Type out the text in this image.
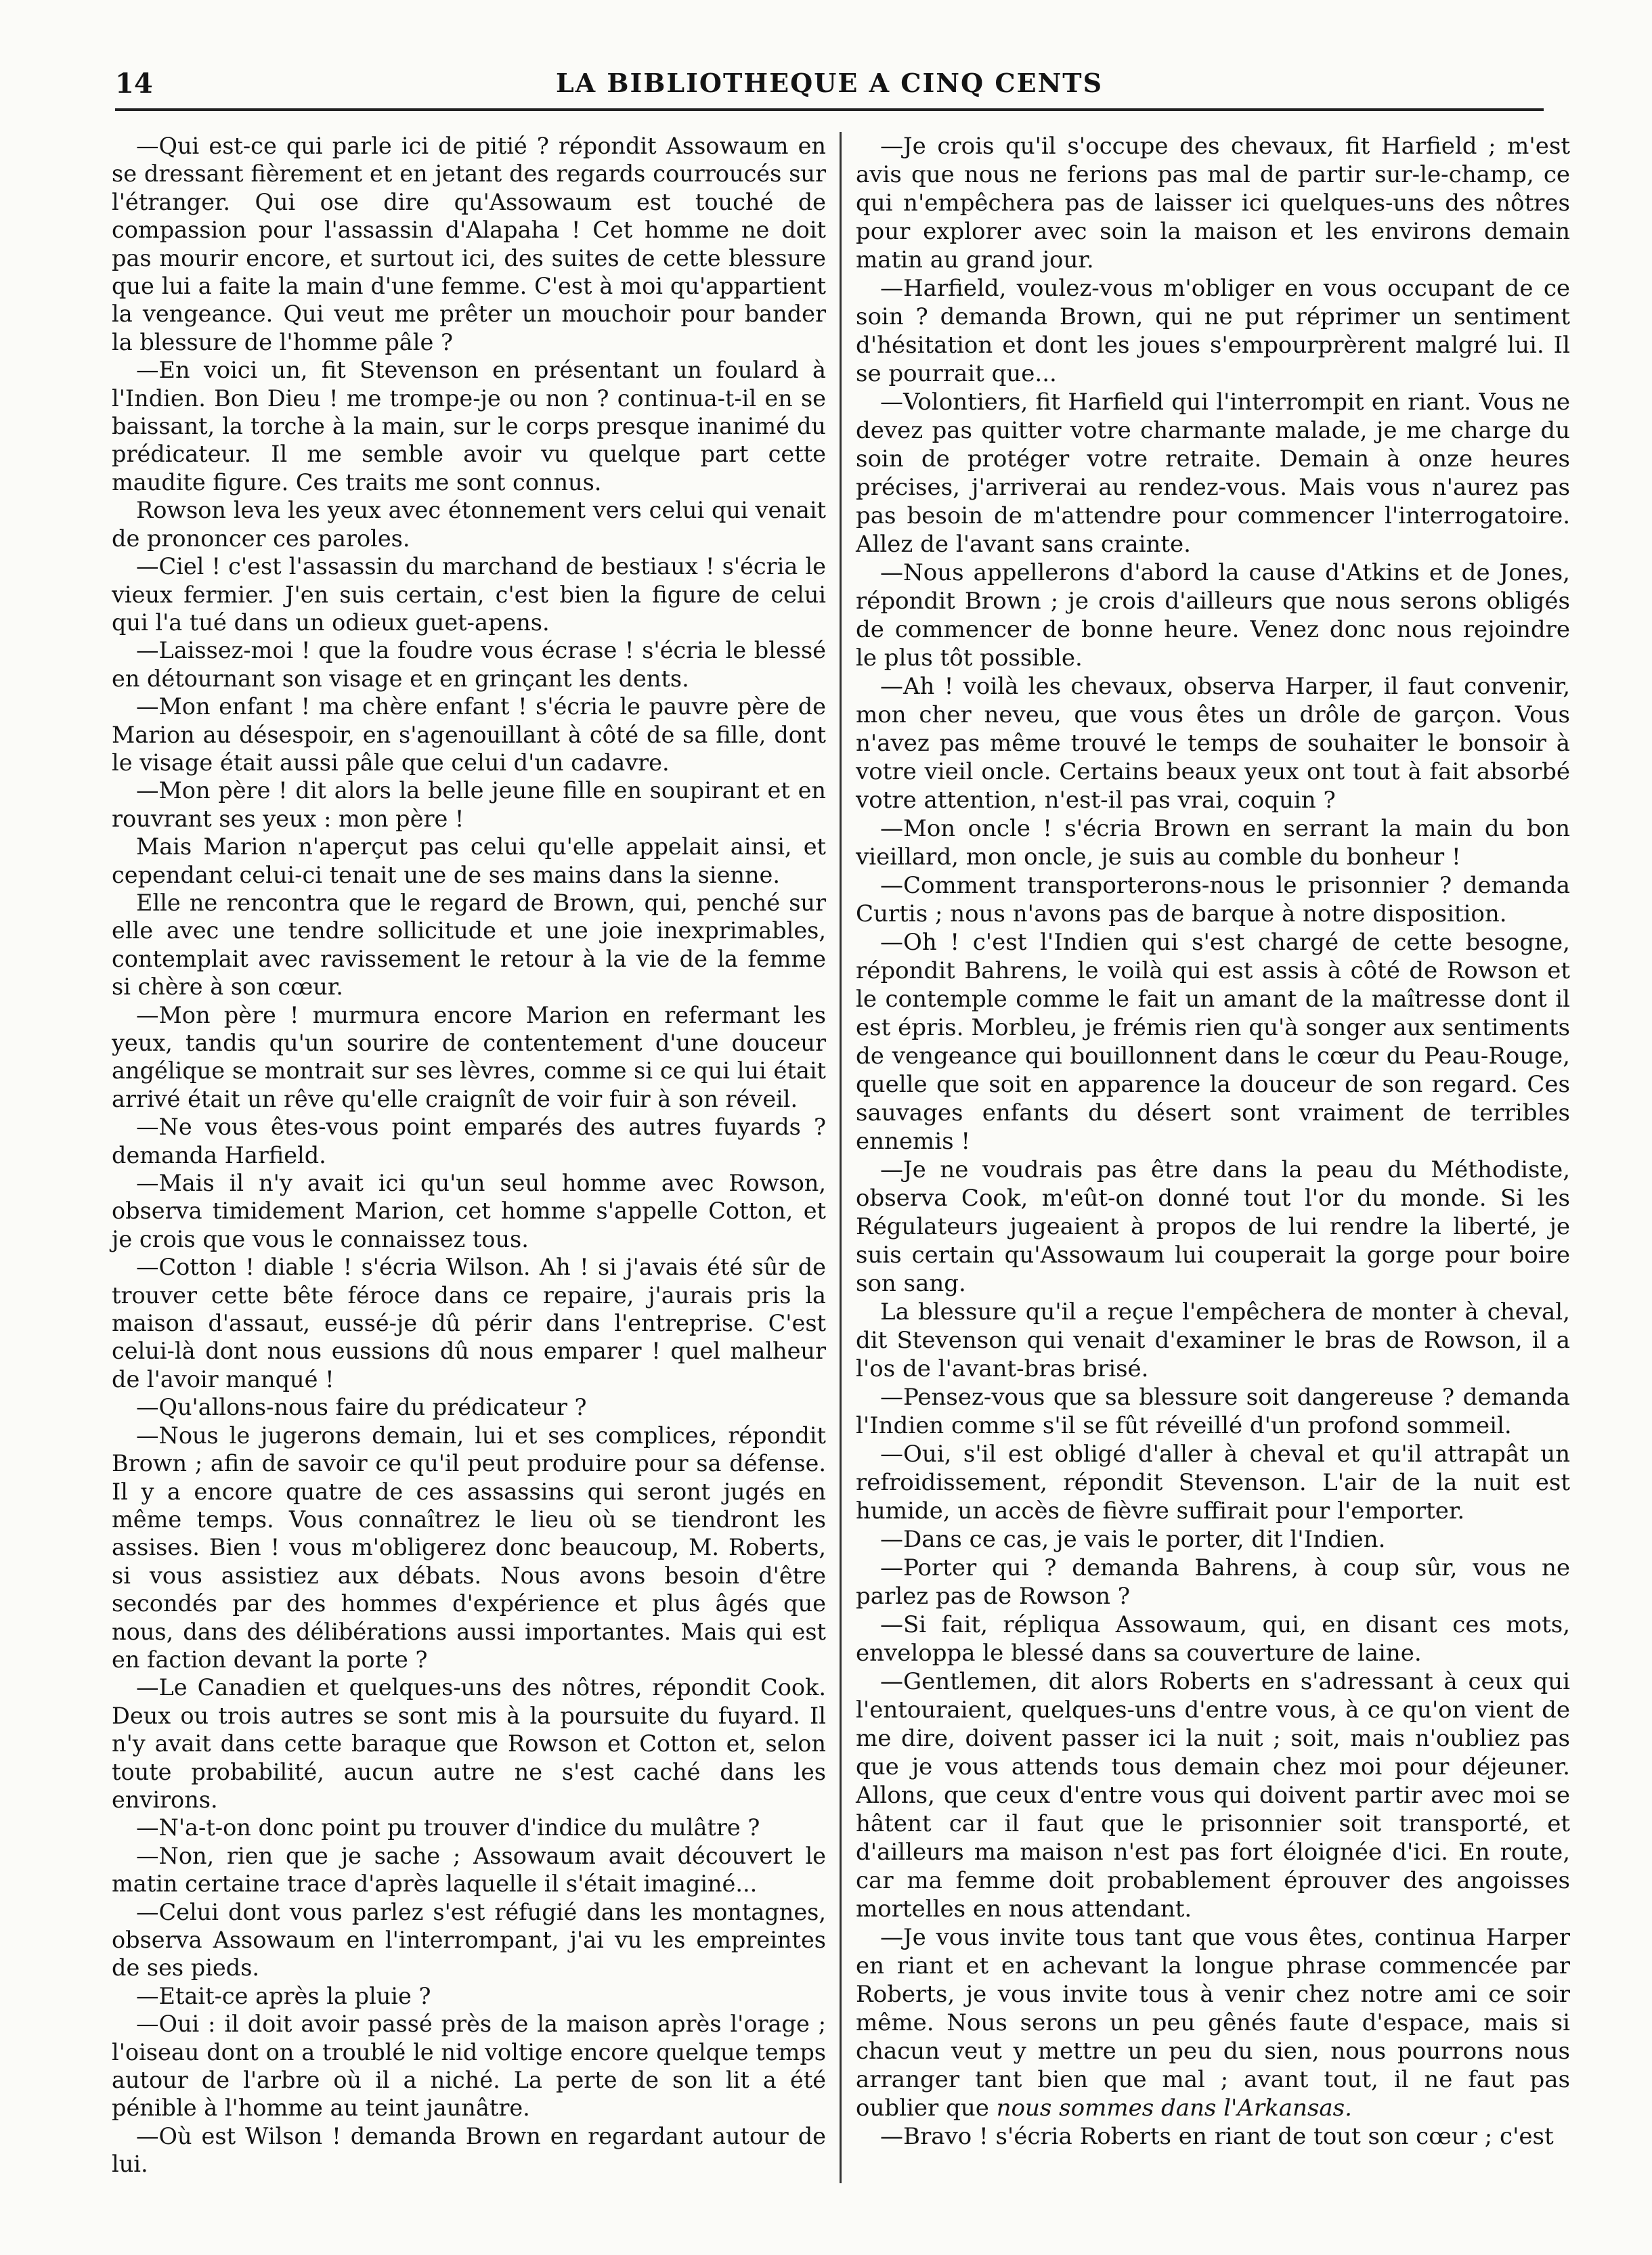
14	LA BIBLIOTHEQUE A CINQ CENTS

—Qui est-ce qui parle ici de pitié ? répondit Assowaum en se dressant fièrement et en jetant des regards courroucés sur l'étranger. Qui ose dire qu'Assowaum est touché de compassion pour l'assassin d'Alapaha ! Cet homme ne doit pas mourir encore, et surtout ici, des suites de cette blessure que lui a faite la main d'une femme. C'est à moi qu'appartient la vengeance. Qui veut me prêter un mouchoir pour bander la blessure de l'homme pâle ?

—En voici un, fit Stevenson en présentant un foulard à l'Indien. Bon Dieu ! me trompe-je ou non ? continua-t-il en se baissant, la torche à la main, sur le corps presque inanimé du prédicateur. Il me semble avoir vu quelque part cette maudite figure. Ces traits me sont connus.

Rowson leva les yeux avec étonnement vers celui qui venait de prononcer ces paroles.

—Ciel ! c'est l'assassin du marchand de bestiaux ! s'écria le vieux fermier. J'en suis certain, c'est bien la figure de celui qui l'a tué dans un odieux guet-apens.

—Laissez-moi ! que la foudre vous écrase ! s'écria le blessé en détournant son visage et en grinçant les dents.

—Mon enfant ! ma chère enfant ! s'écria le pauvre père de Marion au désespoir, en s'agenouillant à côté de sa fille, dont le visage était aussi pâle que celui d'un cadavre.

—Mon père ! dit alors la belle jeune fille en soupirant et en rouvrant ses yeux : mon père !

Mais Marion n'aperçut pas celui qu'elle appelait ainsi, et cependant celui-ci tenait une de ses mains dans la sienne.

Elle ne rencontra que le regard de Brown, qui, penché sur elle avec une tendre sollicitude et une joie inexprimables, contemplait avec ravissement le retour à la vie de la femme si chère à son cœur.

—Mon père ! murmura encore Marion en refermant les yeux, tandis qu'un sourire de contentement d'une douceur angélique se montrait sur ses lèvres, comme si ce qui lui était arrivé était un rêve qu'elle craignît de voir fuir à son réveil.

—Ne vous êtes-vous point emparés des autres fuyards ? demanda Harfield.

—Mais il n'y avait ici qu'un seul homme avec Rowson, observa timidement Marion, cet homme s'appelle Cotton, et je crois que vous le connaissez tous.

—Cotton ! diable ! s'écria Wilson. Ah ! si j'avais été sûr de trouver cette bête féroce dans ce repaire, j'aurais pris la maison d'assaut, eussé-je dû périr dans l'entreprise. C'est celui-là dont nous eussions dû nous emparer ! quel malheur de l'avoir manqué !

—Qu'allons-nous faire du prédicateur ?

—Nous le jugerons demain, lui et ses complices, répondit Brown ; afin de savoir ce qu'il peut produire pour sa défense. Il y a encore quatre de ces assassins qui seront jugés en même temps. Vous connaîtrez le lieu où se tiendront les assises. Bien ! vous m'obligerez donc beaucoup, M. Roberts, si vous assistiez aux débats. Nous avons besoin d'être secondés par des hommes d'expérience et plus âgés que nous, dans des délibérations aussi importantes. Mais qui est en faction devant la porte ?

—Le Canadien et quelques-uns des nôtres, répondit Cook. Deux ou trois autres se sont mis à la poursuite du fuyard. Il n'y avait dans cette baraque que Rowson et Cotton et, selon toute probabilité, aucun autre ne s'est caché dans les environs.

—N'a-t-on donc point pu trouver d'indice du mulâtre ?

—Non, rien que je sache ; Assowaum avait découvert le matin certaine trace d'après laquelle il s'était imaginé...

—Celui dont vous parlez s'est réfugié dans les montagnes, observa Assowaum en l'interrompant, j'ai vu les empreintes de ses pieds.

—Etait-ce après la pluie ?

—Oui : il doit avoir passé près de la maison après l'orage ; l'oiseau dont on a troublé le nid voltige encore quelque temps autour de l'arbre où il a niché. La perte de son lit a été pénible à l'homme au teint jaunâtre.

—Où est Wilson ! demanda Brown en regardant autour de lui.

—Je crois qu'il s'occupe des chevaux, fit Harfield ; m'est avis que nous ne ferions pas mal de partir sur-le-champ, ce qui n'empêchera pas de laisser ici quelques-uns des nôtres pour explorer avec soin la maison et les environs demain matin au grand jour.

—Harfield, voulez-vous m'obliger en vous occupant de ce soin ? demanda Brown, qui ne put réprimer un sentiment d'hésitation et dont les joues s'empourprèrent malgré lui. Il se pourrait que...

—Volontiers, fit Harfield qui l'interrompit en riant. Vous ne devez pas quitter votre charmante malade, je me charge du soin de protéger votre retraite. Demain à onze heures précises, j'arriverai au rendez-vous. Mais vous n'aurez pas pas besoin de m'attendre pour commencer l'interrogatoire. Allez de l'avant sans crainte.

—Nous appellerons d'abord la cause d'Atkins et de Jones, répondit Brown ; je crois d'ailleurs que nous serons obligés de commencer de bonne heure. Venez donc nous rejoindre le plus tôt possible.

—Ah ! voilà les chevaux, observa Harper, il faut convenir, mon cher neveu, que vous êtes un drôle de garçon. Vous n'avez pas même trouvé le temps de souhaiter le bonsoir à votre vieil oncle. Certains beaux yeux ont tout à fait absorbé votre attention, n'est-il pas vrai, coquin ?

—Mon oncle ! s'écria Brown en serrant la main du bon vieillard, mon oncle, je suis au comble du bonheur !

—Comment transporterons-nous le prisonnier ? demanda Curtis ; nous n'avons pas de barque à notre disposition.

—Oh ! c'est l'Indien qui s'est chargé de cette besogne, répondit Bahrens, le voilà qui est assis à côté de Rowson et le contemple comme le fait un amant de la maîtresse dont il est épris. Morbleu, je frémis rien qu'à songer aux sentiments de vengeance qui bouillonnent dans le cœur du Peau-Rouge, quelle que soit en apparence la douceur de son regard. Ces sauvages enfants du désert sont vraiment de terribles ennemis !

—Je ne voudrais pas être dans la peau du Méthodiste, observa Cook, m'eût-on donné tout l'or du monde. Si les Régulateurs jugeaient à propos de lui rendre la liberté, je suis certain qu'Assowaum lui couperait la gorge pour boire son sang.

La blessure qu'il a reçue l'empêchera de monter à cheval, dit Stevenson qui venait d'examiner le bras de Rowson, il a l'os de l'avant-bras brisé.

—Pensez-vous que sa blessure soit dangereuse ? demanda l'Indien comme s'il se fût réveillé d'un profond sommeil.

—Oui, s'il est obligé d'aller à cheval et qu'il attrapât un refroidissement, répondit Stevenson. L'air de la nuit est humide, un accès de fièvre suffirait pour l'emporter.

—Dans ce cas, je vais le porter, dit l'Indien.

—Porter qui ? demanda Bahrens, à coup sûr, vous ne parlez pas de Rowson ?

—Si fait, répliqua Assowaum, qui, en disant ces mots, enveloppa le blessé dans sa couverture de laine.

—Gentlemen, dit alors Roberts en s'adressant à ceux qui l'entouraient, quelques-uns d'entre vous, à ce qu'on vient de me dire, doivent passer ici la nuit ; soit, mais n'oubliez pas que je vous attends tous demain chez moi pour déjeuner. Allons, que ceux d'entre vous qui doivent partir avec moi se hâtent car il faut que le prisonnier soit transporté, et d'ailleurs ma maison n'est pas fort éloignée d'ici. En route, car ma femme doit probablement éprouver des angoisses mortelles en nous attendant.

—Je vous invite tous tant que vous êtes, continua Harper en riant et en achevant la longue phrase commencée par Roberts, je vous invite tous à venir chez notre ami ce soir même. Nous serons un peu gênés faute d'espace, mais si chacun veut y mettre un peu du sien, nous pourrons nous arranger tant bien que mal ; avant tout, il ne faut pas oublier que nous sommes dans l'Arkansas.

—Bravo ! s'écria Roberts en riant de tout son cœur ; c'est
